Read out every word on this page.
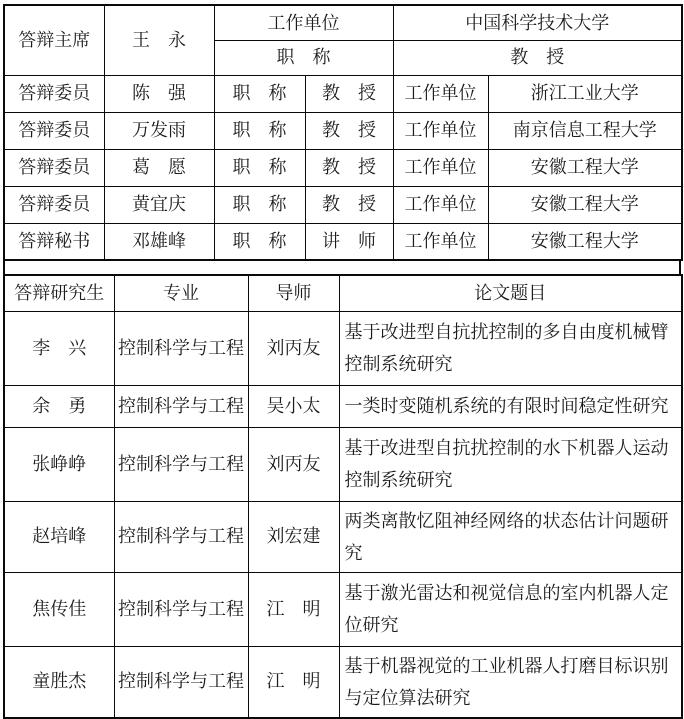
答辩主席	王　永	工作单位		中国科学技术大学	
		职　称		教　授	
答辩委员	陈　强	职　称	教　授	工作单位	浙江工业大学
答辩委员	万发雨	职　称	教　授	工作单位	南京信息工程大学
答辩委员	葛　愿	职　称	教　授	工作单位	安徽工程大学
答辩委员	黄宜庆	职　称	教　授	工作单位	安徽工程大学
答辩秘书	邓雄峰	职　称	讲　师	工作单位	安徽工程大学
答辩研究生	专业	导师	论文题目
李　兴	控制科学与工程	刘丙友	基于改进型自抗扰控制的多自由度机械臂控制系统研究
余　勇	控制科学与工程	吴小太	一类时变随机系统的有限时间稳定性研究
张峥峥	控制科学与工程	刘丙友	基于改进型自抗扰控制的水下机器人运动控制系统研究
赵培峰	控制科学与工程	刘宏建	两类离散忆阻神经网络的状态估计问题研究
焦传佳	控制科学与工程	江　明	基于激光雷达和视觉信息的室内机器人定位研究
童胜杰	控制科学与工程	江　明	基于机器视觉的工业机器人打磨目标识别与定位算法研究
